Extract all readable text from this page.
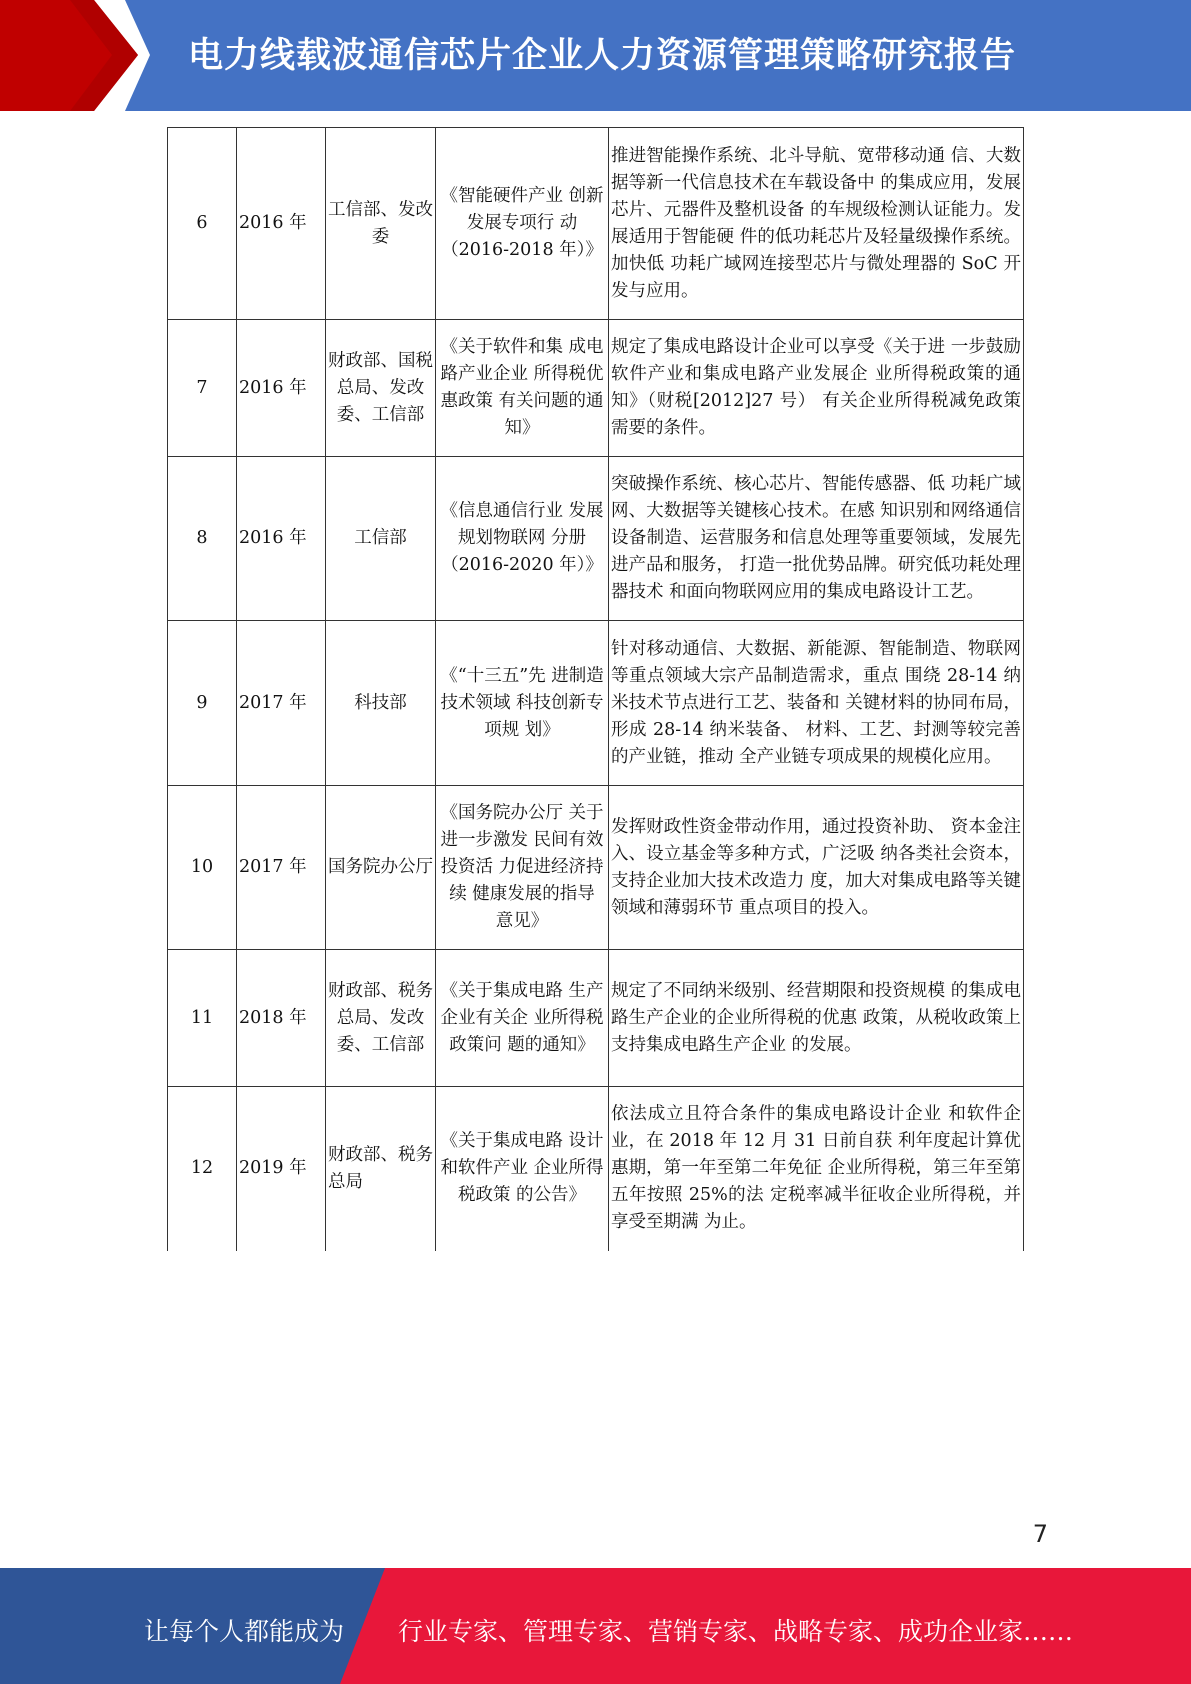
电力线载波通信芯片企业人力资源管理策略研究报告
6	2016 年	工信部、发改委	《智能硬件产业 创新发展专项行 动（2016-2018 年）》	推进智能操作系统、北斗导航、宽带移动通 信、大数据等新一代信息技术在车载设备中 的集成应用，发展芯片、元器件及整机设备 的车规级检测认证能力。发展适用于智能硬 件的低功耗芯片及轻量级操作系统。加快低 功耗广域网连接型芯片与微处理器的 SoC 开发与应用。
7	2016 年	财政部、国税总局、发改委、工信部	《关于软件和集 成电路产业企业 所得税优惠政策 有关问题的通 知》	规定了集成电路设计企业可以享受《关于进 一步鼓励软件产业和集成电路产业发展企 业所得税政策的通知》（财税[2012]27 号） 有关企业所得税减免政策需要的条件。
8	2016 年	工信部	《信息通信行业 发展规划物联网 分册（2016-2020 年）》	突破操作系统、核心芯片、智能传感器、低 功耗广域网、大数据等关键核心技术。在感 知识别和网络通信设备制造、运营服务和信息处理等重要领域，发展先进产品和服务， 打造一批优势品牌。研究低功耗处理器技术 和面向物联网应用的集成电路设计工艺。
9	2017 年	科技部	《“十三五”先 进制造技术领域 科技创新专项规 划》	针对移动通信、大数据、新能源、智能制造、物联网等重点领域大宗产品制造需求，重点 围绕 28-14 纳米技术节点进行工艺、装备和 关键材料的协同布局，形成 28-14 纳米装备、 材料、工艺、封测等较完善的产业链，推动 全产业链专项成果的规模化应用。
10	2017 年	国务院办公厅	《国务院办公厅 关于进一步激发 民间有效投资活 力促进经济持续 健康发展的指导 意见》	发挥财政性资金带动作用，通过投资补助、 资本金注入、设立基金等多种方式，广泛吸 纳各类社会资本，支持企业加大技术改造力 度，加大对集成电路等关键领域和薄弱环节 重点项目的投入。
11	2018 年	财政部、税务总局、发改委、工信部	《关于集成电路 生产企业有关企 业所得税政策问 题的通知》	规定了不同纳米级别、经营期限和投资规模 的集成电路生产企业的企业所得税的优惠 政策，从税收政策上支持集成电路生产企业 的发展。
12	2019 年	财政部、税务总局	《关于集成电路 设计和软件产业 企业所得税政策 的公告》	依法成立且符合条件的集成电路设计企业 和软件企业，在 2018 年 12 月 31 日前自获 利年度起计算优惠期，第一年至第二年免征 企业所得税，第三年至第五年按照 25%的法 定税率减半征收企业所得税，并享受至期满 为止。
7
让每个人都能成为 行业专家、管理专家、营销专家、战略专家、成功企业家……
